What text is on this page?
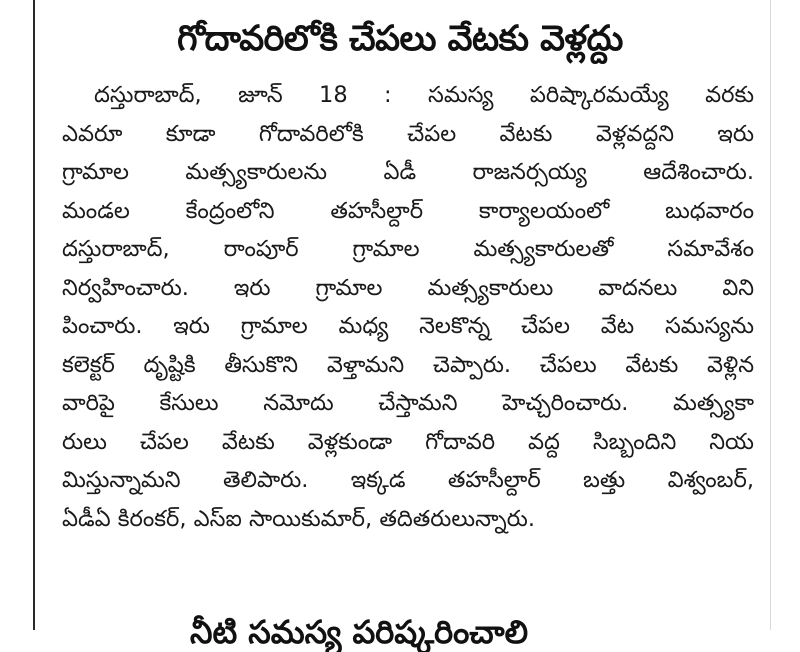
గోదావరిలోకి చేపలు వేటకు వెళ్లద్దు
దస్తురాబాద్, జూన్ 18 : సమస్య పరిష్కారమయ్యే వరకు
ఎవరూ కూడా గోదావరిలోకి చేపల వేటకు వెళ్లవద్దని ఇరు
గ్రామాల మత్స్యకారులను ఏడీ రాజనర్సయ్య ఆదేశించారు.
మండల కేంద్రంలోని తహసీల్దార్ కార్యాలయంలో బుధవారం
దస్తురాబాద్, రాంపూర్ గ్రామాల మత్స్యకారులతో సమావేశం
నిర్వహించారు. ఇరు గ్రామాల మత్స్యకారులు వాదనలు విని
పించారు. ఇరు గ్రామాల మధ్య నెలకొన్న చేపల వేట సమస్యను
కలెక్టర్ దృష్టికి తీసుకొని వెళ్తామని చెప్పారు. చేపలు వేటకు వెళ్లిన
వారిపై కేసులు నమోదు చేస్తామని హెచ్చరించారు. మత్స్యకా
రులు చేపల వేటకు వెళ్లకుండా గోదావరి వద్ద సిబ్బందిని నియ
మిస్తున్నామని తెలిపారు. ఇక్కడ తహసీల్దార్ బత్తు విశ్వంబర్,
ఏడీఏ కిరంకర్, ఎస్ఐ సాయికుమార్, తదితరులున్నారు.
నీటి సమస్య పరిష్కరించాలి
